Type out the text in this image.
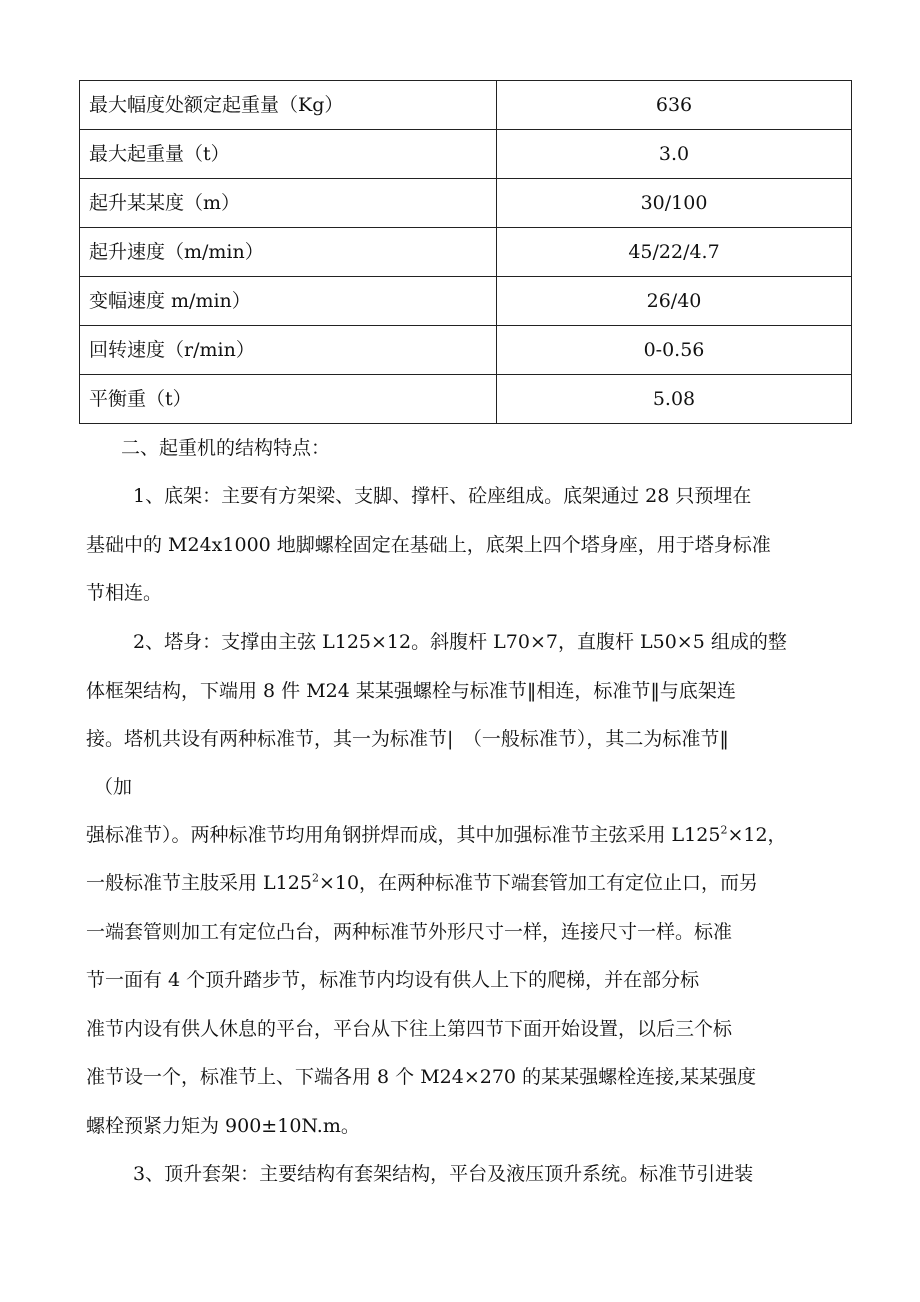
最大幅度处额定起重量（Kg）	636
最大起重量（t）	3.0
起升某某度（m）	30/100
起升速度（m/min）	45/22/4.7
变幅速度 m/min）	26/40
回转速度（r/min）	0-0.56
平衡重（t）	5.08
二、起重机的结构特点：
1、底架：主要有方架梁、支脚、撑杆、砼座组成。底架通过 28 只预埋在
基础中的 M24x1000 地脚螺栓固定在基础上，底架上四个塔身座，用于塔身标准
节相连。
2、塔身：支撑由主弦 L125×12。斜腹杆 L70×7，直腹杆 L50×5 组成的整
体框架结构，下端用 8 件 M24 某某强螺栓与标准节‖相连，标准节‖与底架连
接。塔机共设有两种标准节，其一为标准节|　（一般标准节），其二为标准节‖
（加
强标准节）。两种标准节均用角钢拼焊而成，其中加强标准节主弦采用 $L125^2\times 12$，
一般标准节主肢采用 $L125^2\times 10$，在两种标准节下端套管加工有定位止口，而另
一端套管则加工有定位凸台，两种标准节外形尺寸一样，连接尺寸一样。标准
节一面有 4 个顶升踏步节，标准节内均设有供人上下的爬梯，并在部分标
准节内设有供人休息的平台，平台从下往上第四节下面开始设置，以后三个标
准节设一个，标准节上、下端各用 8 个 M24×270 的某某强螺栓连接,某某强度
螺栓预紧力矩为 900±10N.m。
3、顶升套架：主要结构有套架结构，平台及液压顶升系统。标准节引进装
